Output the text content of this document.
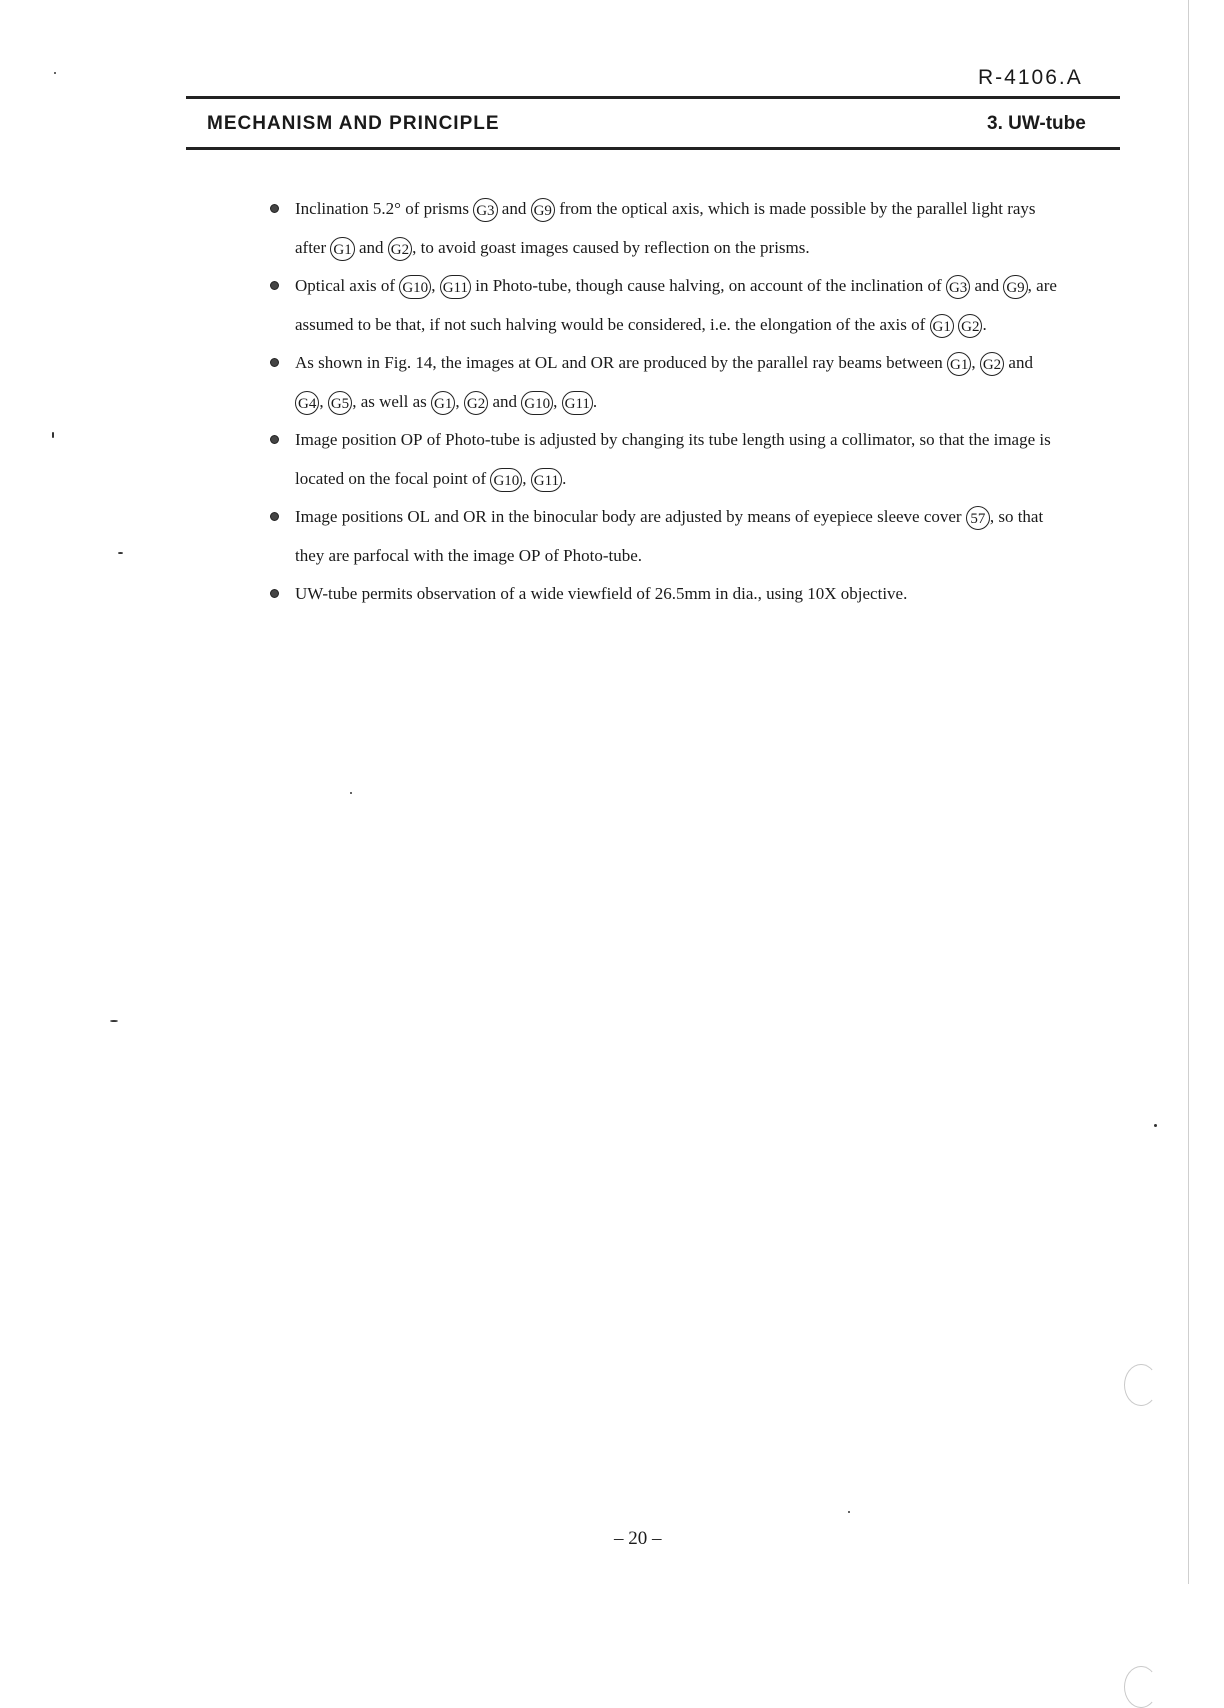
R-4106.A
MECHANISM AND PRINCIPLE	3. UW-tube
Inclination 5.2° of prisms G3 and G9 from the optical axis, which is made possible by the parallel light rays after G1 and G2 , to avoid goast images caused by reflection on the prisms.
Optical axis of G10 , G11 in Photo-tube, though cause halving, on account of the inclination of G3 and G9 , are assumed to be that, if not such halving would be considered, i.e. the elongation of the axis of G1 G2 .
As shown in Fig. 14, the images at OL and OR are produced by the parallel ray beams between G1 , G2 and G4 , G5 , as well as G1 , G2 and G10 , G11 .
Image position OP of Photo-tube is adjusted by changing its tube length using a collimator, so that the image is located on the focal point of G10 , G11 .
Image positions OL and OR in the binocular body are adjusted by means of eyepiece sleeve cover 57 , so that they are parfocal with the image OP of Photo-tube.
UW-tube permits observation of a wide viewfield of 26.5mm in dia., using 10X objective.
– 20 –
